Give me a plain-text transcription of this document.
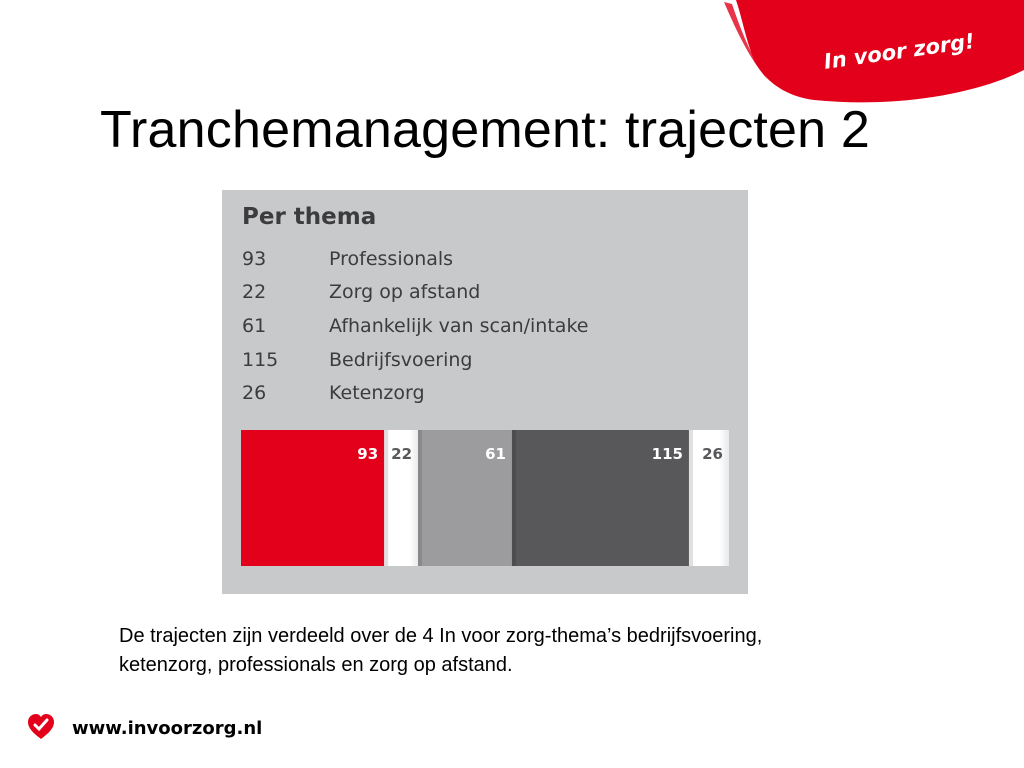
Tranchemanagement: trajecten 2
In voor zorg!
Per thema
93	Professionals
22	Zorg op afstand
61	Afhankelijk van scan/intake
115	Bedrijfsvoering
26	Ketenzorg
93 22	61	115 26

De trajecten zijn verdeeld over de 4 In voor zorg-thema’s bedrijfsvoering, ketenzorg, professionals en zorg op afstand.

www.invoorzorg.nl
